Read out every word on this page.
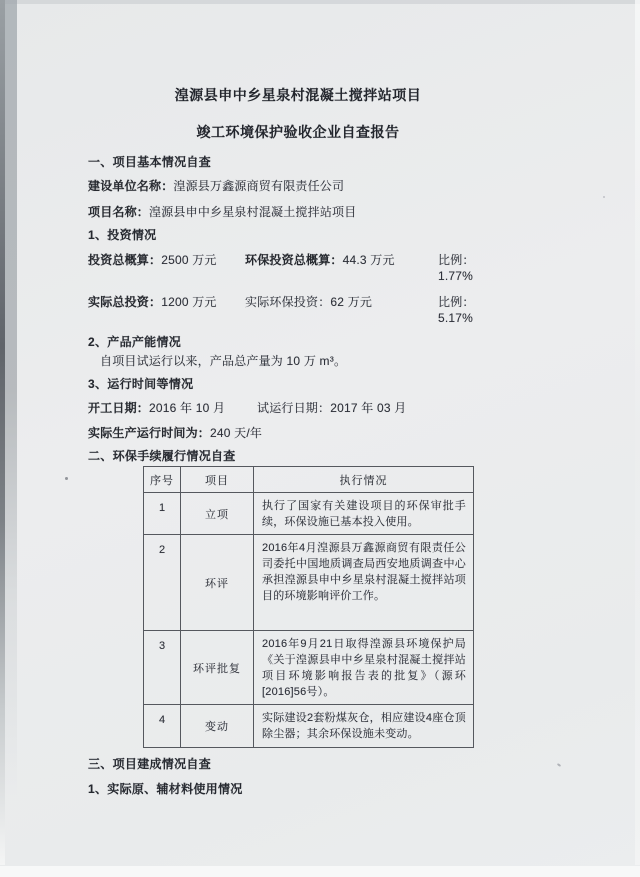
湟源县申中乡星泉村混凝土搅拌站项目
竣工环境保护验收企业自查报告
一、项目基本情况自查
建设单位名称：湟源县万鑫源商贸有限责任公司
项目名称：湟源县申中乡星泉村混凝土搅拌站项目
1、投资情况
投资总概算：2500 万元	环保投资总概算：44.3 万元	比例：1.77%
实际总投资：1200 万元	实际环保投资：62 万元	比例：5.17%
2、产品产能情况
自项目试运行以来，产品总产量为 10 万 m³。
3、运行时间等情况
开工日期：2016 年 10 月	试运行日期：2017 年 03 月
实际生产运行时间为：240 天/年
二、环保手续履行情况自查
序号	项目	执行情况
1	立项	执行了国家有关建设项目的环保审批手续，环保设施已基本投入使用。
2	环评	2016年4月湟源县万鑫源商贸有限责任公司委托中国地质调查局西安地质调查中心承担湟源县申中乡星泉村混凝土搅拌站项目的环境影响评价工作。
3	环评批复	2016年9月21日取得湟源县环境保护局《关于湟源县申中乡星泉村混凝土搅拌站项目环境影响报告表的批复》（源环[2016]56号）。
4	变动	实际建设2套粉煤灰仓，相应建设4座仓顶除尘器；其余环保设施未变动。
三、项目建成情况自查
1、实际原、辅材料使用情况
